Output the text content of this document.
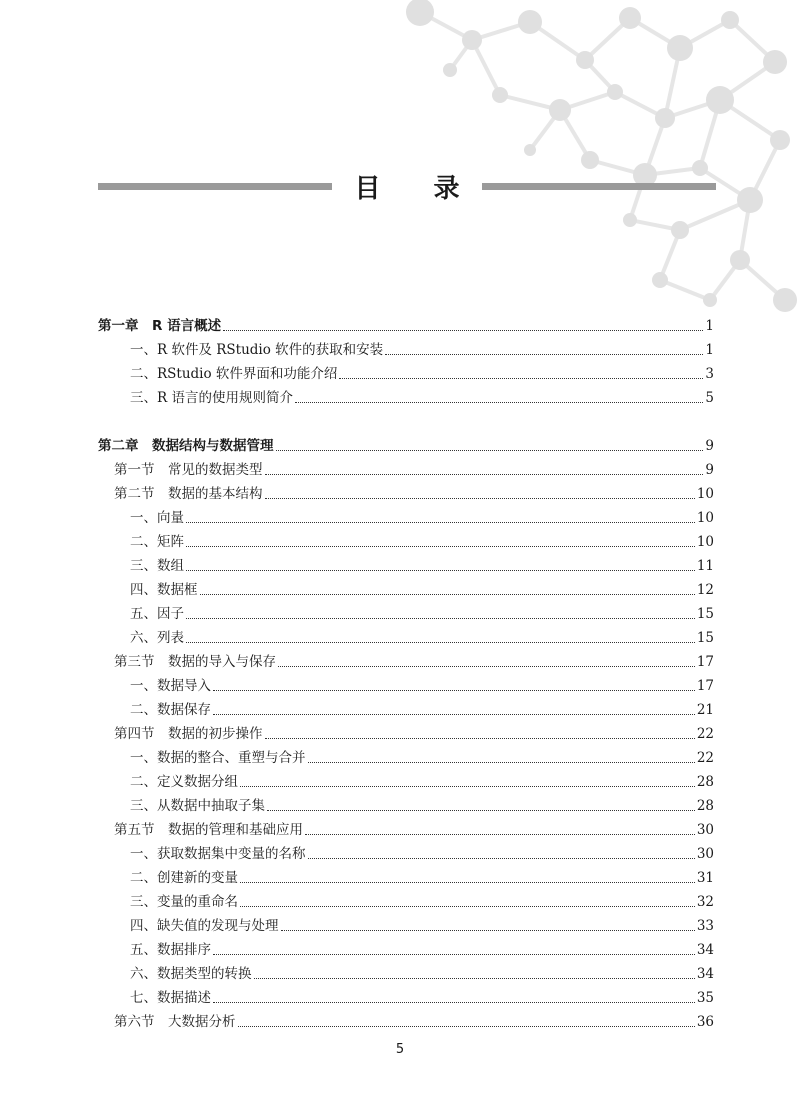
目 录
第一章　R 语言概述	1
一、R 软件及 RStudio 软件的获取和安装	1
二、RStudio 软件界面和功能介绍	3
三、R 语言的使用规则简介	5
第二章　数据结构与数据管理	9
第一节　常见的数据类型	9
第二节　数据的基本结构	10
一、向量	10
二、矩阵	10
三、数组	11
四、数据框	12
五、因子	15
六、列表	15
第三节　数据的导入与保存	17
一、数据导入	17
二、数据保存	21
第四节　数据的初步操作	22
一、数据的整合、重塑与合并	22
二、定义数据分组	28
三、从数据中抽取子集	28
第五节　数据的管理和基础应用	30
一、获取数据集中变量的名称	30
二、创建新的变量	31
三、变量的重命名	32
四、缺失值的发现与处理	33
五、数据排序	34
六、数据类型的转换	34
七、数据描述	35
第六节　大数据分析	36
5
